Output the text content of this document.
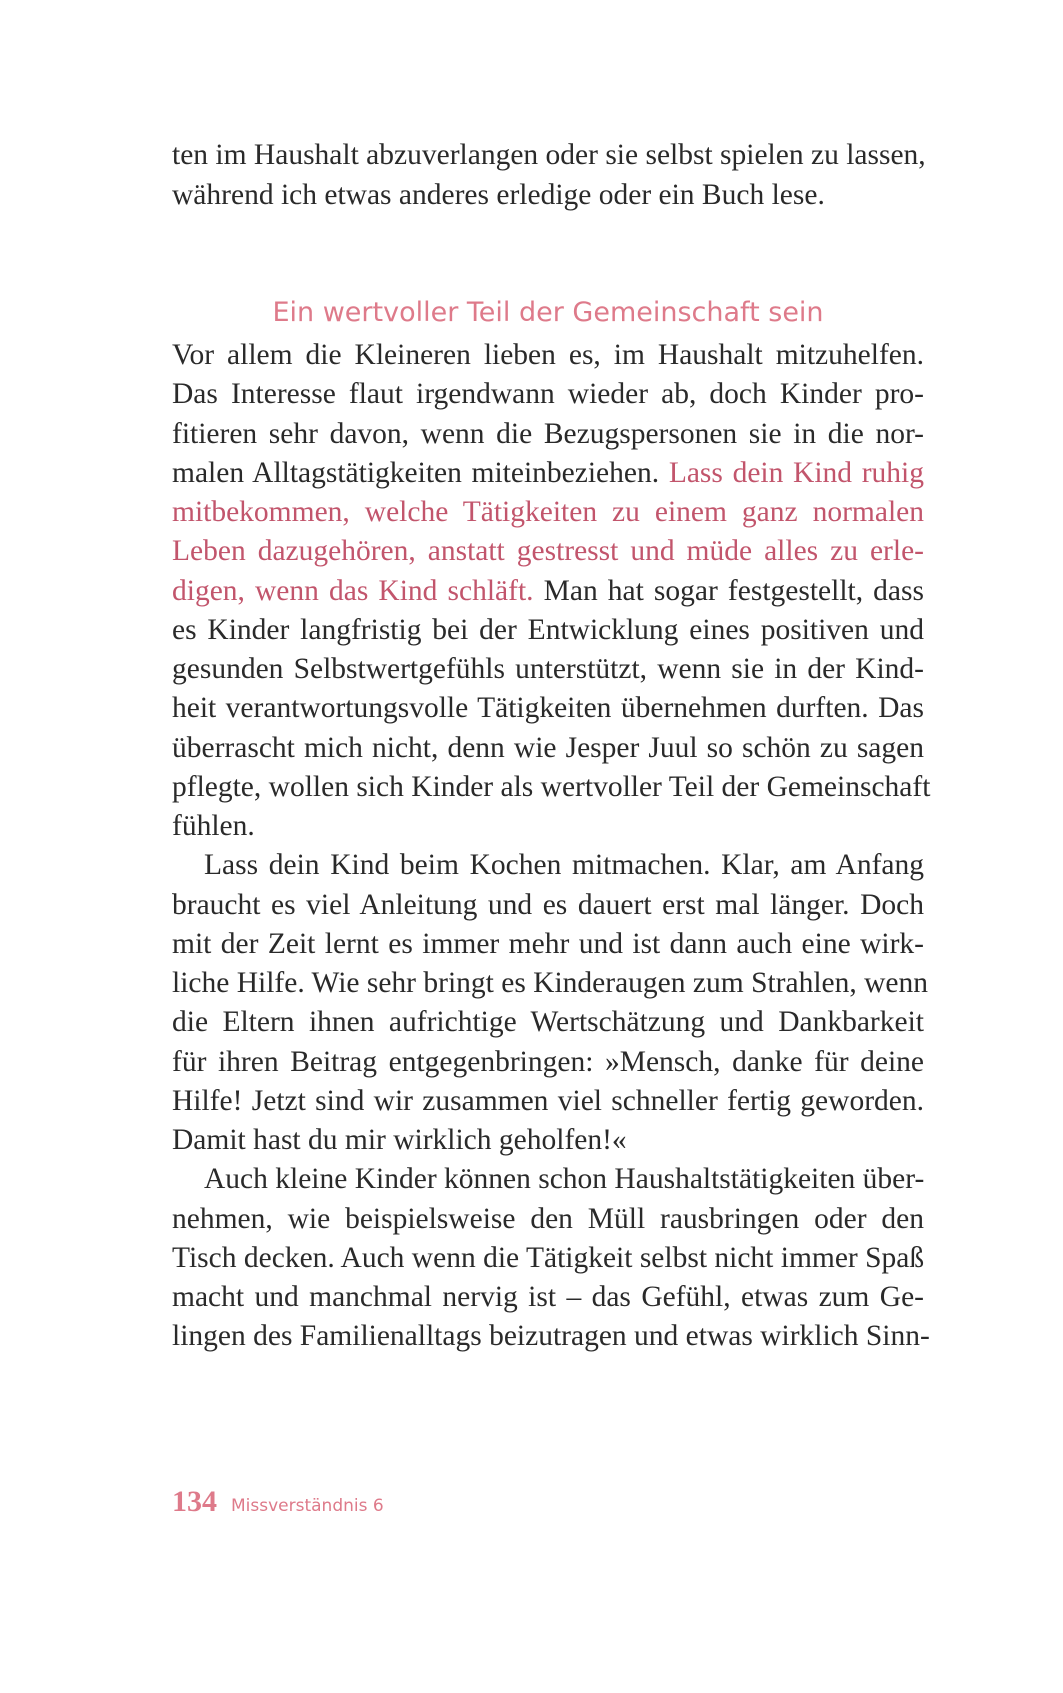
ten im Haushalt abzuverlangen oder sie selbst spielen zu lassen,
während ich etwas anderes erledige oder ein Buch lese.
Ein wertvoller Teil der Gemeinschaft sein
Vor allem die Kleineren lieben es, im Haushalt mitzuhelfen.
Das Interesse flaut irgendwann wieder ab, doch Kinder pro-
fitieren sehr davon, wenn die Bezugspersonen sie in die nor-
malen Alltagstätigkeiten miteinbeziehen. Lass dein Kind ruhig
mitbekommen, welche Tätigkeiten zu einem ganz normalen
Leben dazugehören, anstatt gestresst und müde alles zu erle-
digen, wenn das Kind schläft. Man hat sogar festgestellt, dass
es Kinder langfristig bei der Entwicklung eines positiven und
gesunden Selbstwertgefühls unterstützt, wenn sie in der Kind-
heit verantwortungsvolle Tätigkeiten übernehmen durften. Das
überrascht mich nicht, denn wie Jesper Juul so schön zu sagen
pflegte, wollen sich Kinder als wertvoller Teil der Gemeinschaft
fühlen.
Lass dein Kind beim Kochen mitmachen. Klar, am Anfang
braucht es viel Anleitung und es dauert erst mal länger. Doch
mit der Zeit lernt es immer mehr und ist dann auch eine wirk-
liche Hilfe. Wie sehr bringt es Kinderaugen zum Strahlen, wenn
die Eltern ihnen aufrichtige Wertschätzung und Dankbarkeit
für ihren Beitrag entgegenbringen: »Mensch, danke für deine
Hilfe! Jetzt sind wir zusammen viel schneller fertig geworden.
Damit hast du mir wirklich geholfen!«
Auch kleine Kinder können schon Haushaltstätigkeiten über-
nehmen, wie beispielsweise den Müll rausbringen oder den
Tisch decken. Auch wenn die Tätigkeit selbst nicht immer Spaß
macht und manchmal nervig ist – das Gefühl, etwas zum Ge-
lingen des Familienalltags beizutragen und etwas wirklich Sinn-
134 Missverständnis 6
